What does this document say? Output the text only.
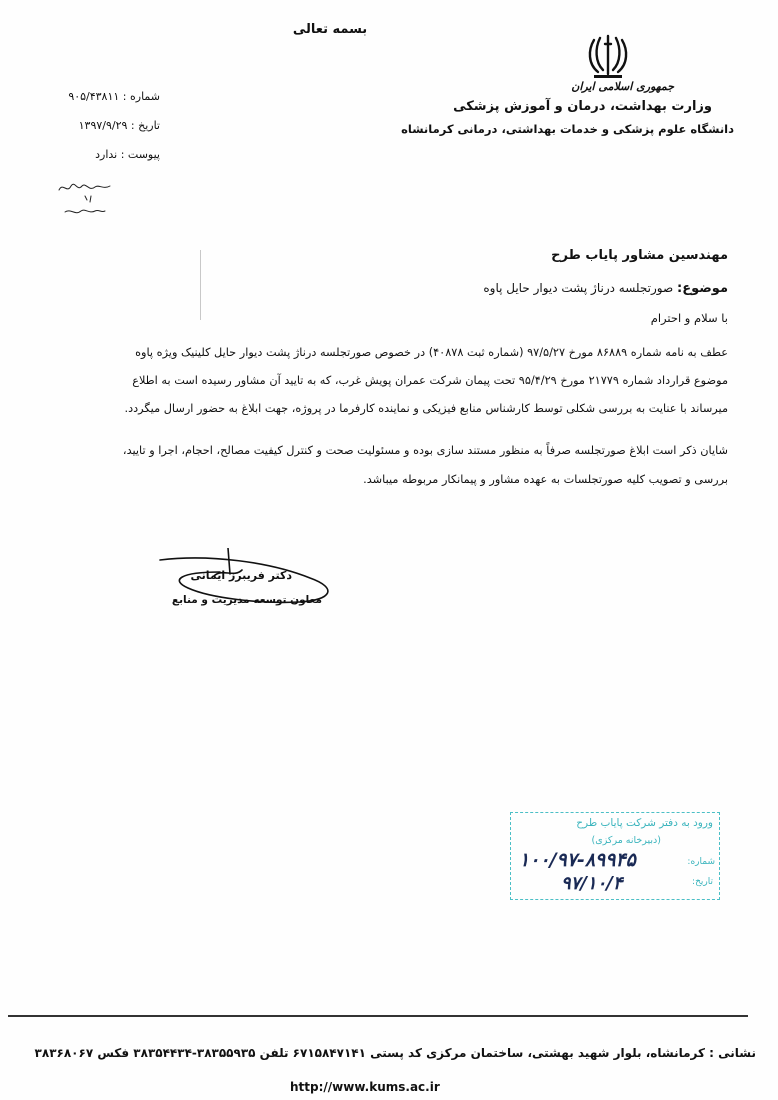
بسمه تعالی
جمهوری اسلامی ایران
وزارت بهداشت، درمان و آموزش پزشکی
دانشگاه علوم پزشکی و خدمات بهداشتی، درمانی کرمانشاه
شماره : ۹۰۵/۴۳۸۱۱
تاریخ : ۱۳۹۷/۹/۲۹
پیوست : ندارد
مهندسین مشاور پایاب طرح
موضوع: صورتجلسه درناژ پشت دیوار حایل پاوه
با سلام و احترام
عطف به نامه شماره ۸۶۸۸۹ مورخ ۹۷/۵/۲۷ (شماره ثبت ۴۰۸۷۸) در خصوص صورتجلسه درناژ پشت دیوار حایل کلینیک ویژه پاوه
موضوع قرارداد شماره ۲۱۷۷۹ مورخ ۹۵/۴/۲۹ تحت پیمان شرکت عمران پویش غرب، که به تایید آن مشاور رسیده است به اطلاع
میرساند با عنایت به بررسی شکلی توسط کارشناس منابع فیزیکی و نماینده کارفرما در پروژه، جهت ابلاغ به حضور ارسال میگردد.
شایان ذکر است ابلاغ صورتجلسه صرفاً به منظور مستند سازی بوده و مسئولیت صحت و کنترل کیفیت مصالح، احجام، اجرا و تایید،
بررسی و تصویب کلیه صورتجلسات به عهده مشاور و پیمانکار مربوطه میباشد.
دکتر فریبرز ایمانی
معاون توسعه مدیریت و منابع
ورود به دفتر شرکت پایاب طرح
(دبیرخانه مرکزی)
شماره:
تاریخ:
۱۰۰/۹۷-۸۹۹۴۵
۹۷/۱۰/۴
نشانی : کرمانشاه، بلوار شهید بهشتی، ساختمان مرکزی کد پستی ۶۷۱۵۸۴۷۱۴۱ تلفن ۳۸۳۵۵۹۳۵-۳۸۳۵۴۴۳۴ فکس ۳۸۳۶۸۰۶۷
http://www.kums.ac.ir
